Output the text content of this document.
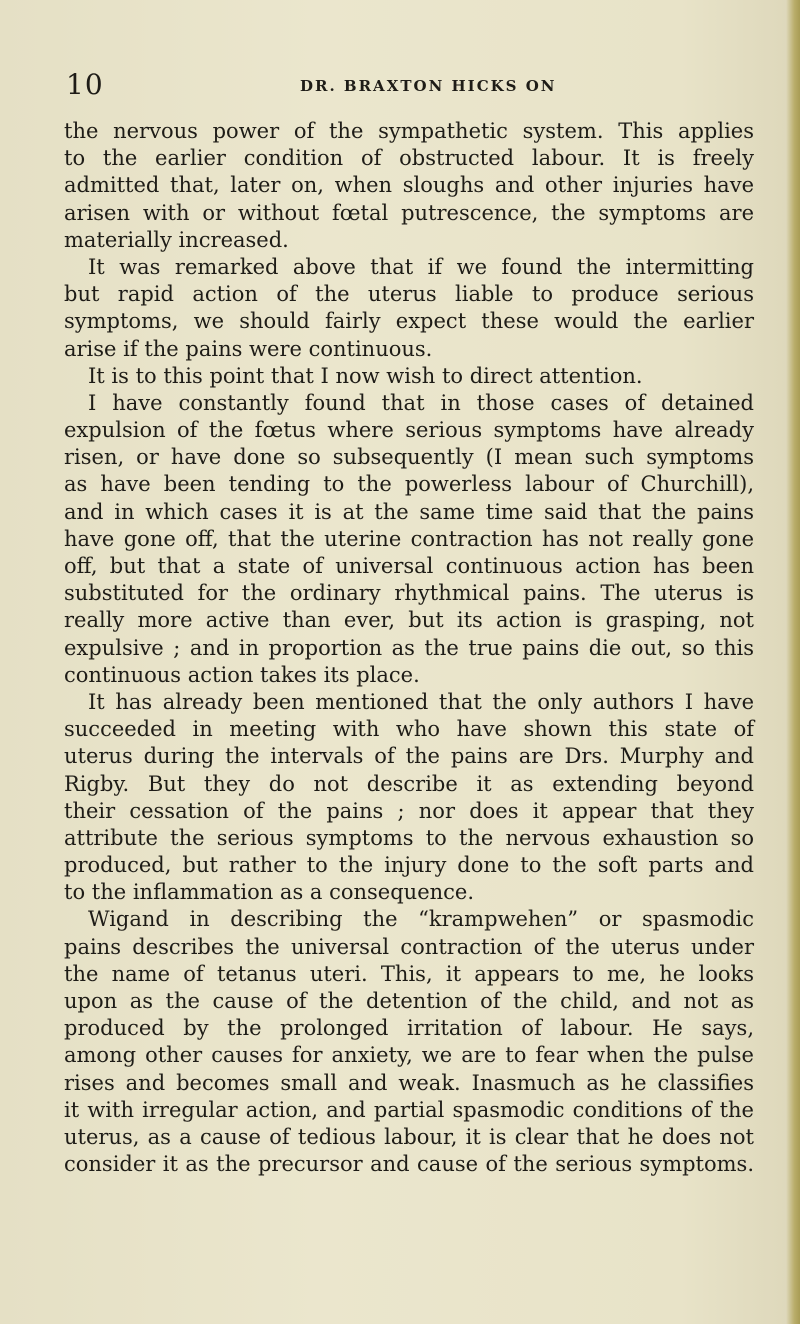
10	DR. BRAXTON HICKS ON
the nervous power of the sympathetic system. This applies
to the earlier condition of obstructed labour. It is freely
admitted that, later on, when sloughs and other injuries have
arisen with or without fœtal putrescence, the symptoms are
materially increased.
It was remarked above that if we found the intermitting
but rapid action of the uterus liable to produce serious
symptoms, we should fairly expect these would the earlier
arise if the pains were continuous.
It is to this point that I now wish to direct attention.
I have constantly found that in those cases of detained
expulsion of the fœtus where serious symptoms have already
risen, or have done so subsequently (I mean such symptoms
as have been tending to the powerless labour of Churchill),
and in which cases it is at the same time said that the pains
have gone off, that the uterine contraction has not really gone
off, but that a state of universal continuous action has been
substituted for the ordinary rhythmical pains. The uterus is
really more active than ever, but its action is grasping, not
expulsive ; and in proportion as the true pains die out, so this
continuous action takes its place.
It has already been mentioned that the only authors I have
succeeded in meeting with who have shown this state of
uterus during the intervals of the pains are Drs. Murphy and
Rigby. But they do not describe it as extending beyond
their cessation of the pains ; nor does it appear that they
attribute the serious symptoms to the nervous exhaustion so
produced, but rather to the injury done to the soft parts and
to the inflammation as a consequence.
Wigand in describing the “krampwehen” or spasmodic
pains describes the universal contraction of the uterus under
the name of tetanus uteri. This, it appears to me, he looks
upon as the cause of the detention of the child, and not as
produced by the prolonged irritation of labour. He says,
among other causes for anxiety, we are to fear when the pulse
rises and becomes small and weak. Inasmuch as he classifies
it with irregular action, and partial spasmodic conditions of the
uterus, as a cause of tedious labour, it is clear that he does not
consider it as the precursor and cause of the serious symptoms.
